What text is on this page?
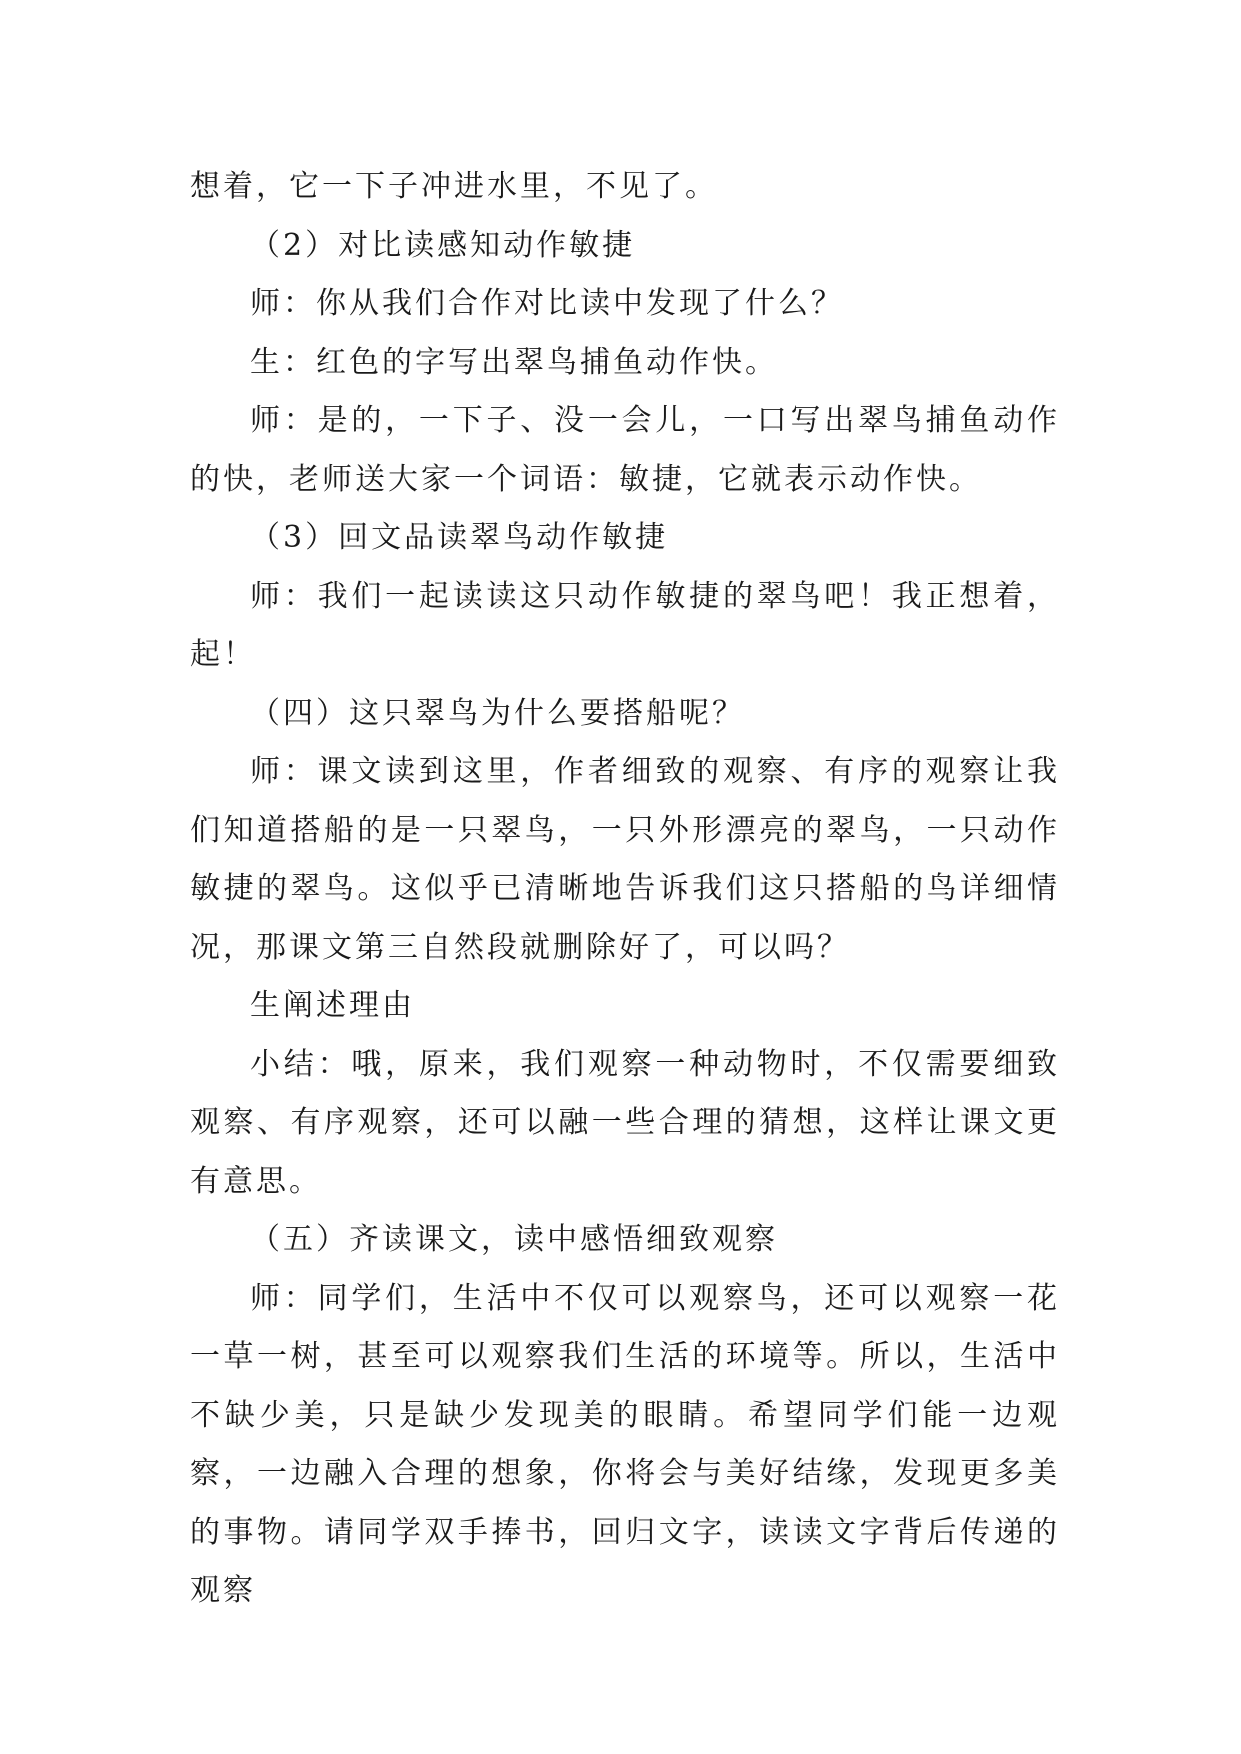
想着，它一下子冲进水里，不见了。

（2）对比读感知动作敏捷

师：你从我们合作对比读中发现了什么？

生：红色的字写出翠鸟捕鱼动作快。

师：是的，一下子、没一会儿，一口写出翠鸟捕鱼动作的快，老师送大家一个词语：敏捷，它就表示动作快。

（3）回文品读翠鸟动作敏捷

师：我们一起读读这只动作敏捷的翠鸟吧！我正想着，起！

（四）这只翠鸟为什么要搭船呢？

师：课文读到这里，作者细致的观察、有序的观察让我们知道搭船的是一只翠鸟，一只外形漂亮的翠鸟，一只动作敏捷的翠鸟。这似乎已清晰地告诉我们这只搭船的鸟详细情况，那课文第三自然段就删除好了，可以吗？

生阐述理由

小结：哦，原来，我们观察一种动物时，不仅需要细致观察、有序观察，还可以融一些合理的猜想，这样让课文更有意思。

（五）齐读课文，读中感悟细致观察

师：同学们，生活中不仅可以观察鸟，还可以观察一花一草一树，甚至可以观察我们生活的环境等。所以，生活中不缺少美，只是缺少发现美的眼睛。希望同学们能一边观察，一边融入合理的想象，你将会与美好结缘，发现更多美的事物。请同学双手捧书，回归文字，读读文字背后传递的观察
